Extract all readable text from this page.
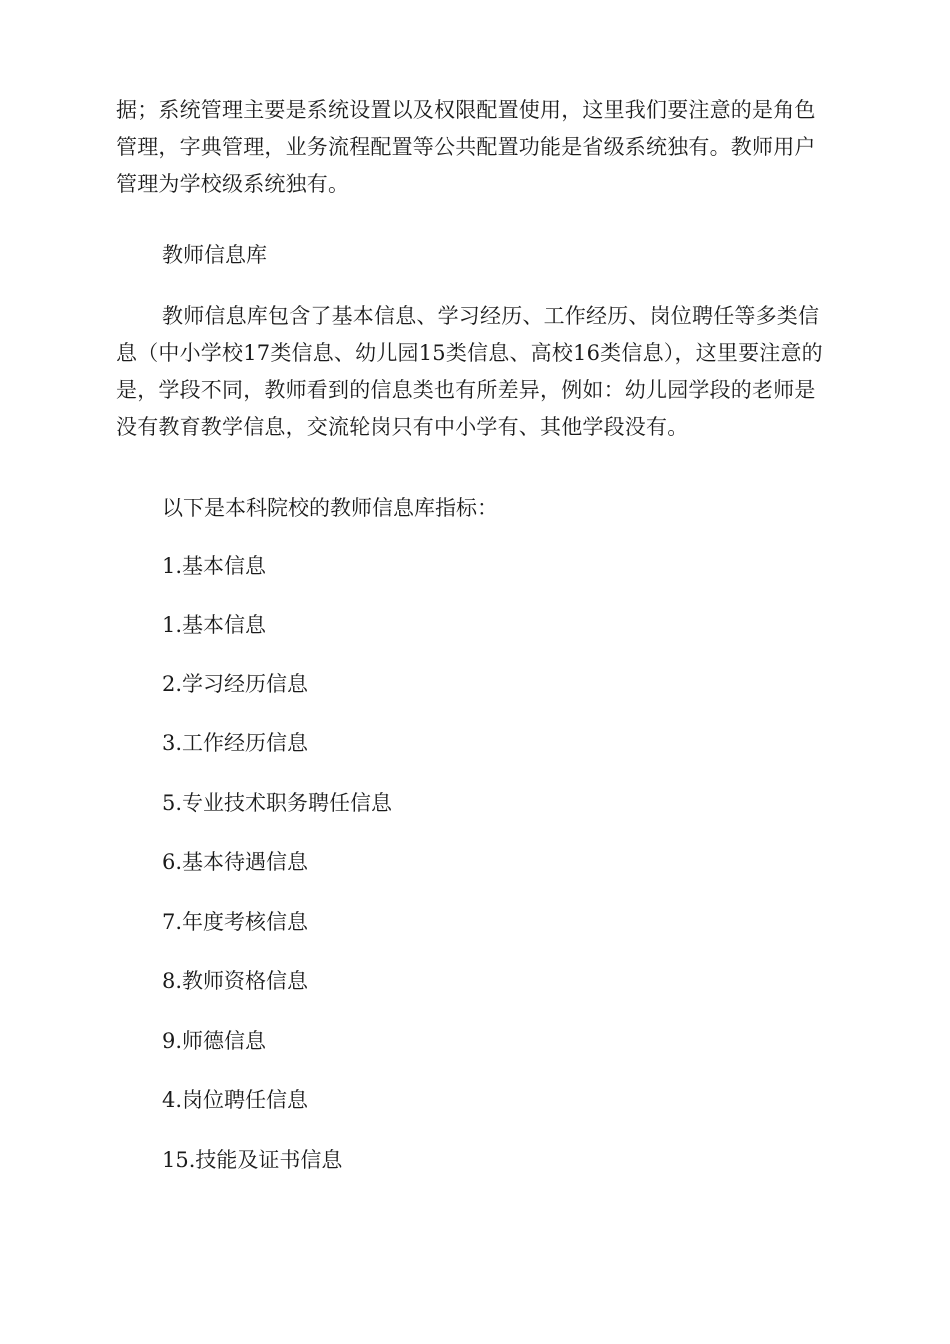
据；系统管理主要是系统设置以及权限配置使用，这里我们要注意的是角色管理，字典管理，业务流程配置等公共配置功能是省级系统独有。教师用户管理为学校级系统独有。

教师信息库

教师信息库包含了基本信息、学习经历、工作经历、岗位聘任等多类信息（中小学校17类信息、幼儿园15类信息、高校16类信息），这里要注意的是，学段不同，教师看到的信息类也有所差异，例如：幼儿园学段的老师是没有教育教学信息，交流轮岗只有中小学有、其他学段没有。

以下是本科院校的教师信息库指标：

1.基本信息

1.基本信息

2.学习经历信息

3.工作经历信息

5.专业技术职务聘任信息

6.基本待遇信息

7.年度考核信息

8.教师资格信息

9.师德信息

4.岗位聘任信息

15.技能及证书信息
